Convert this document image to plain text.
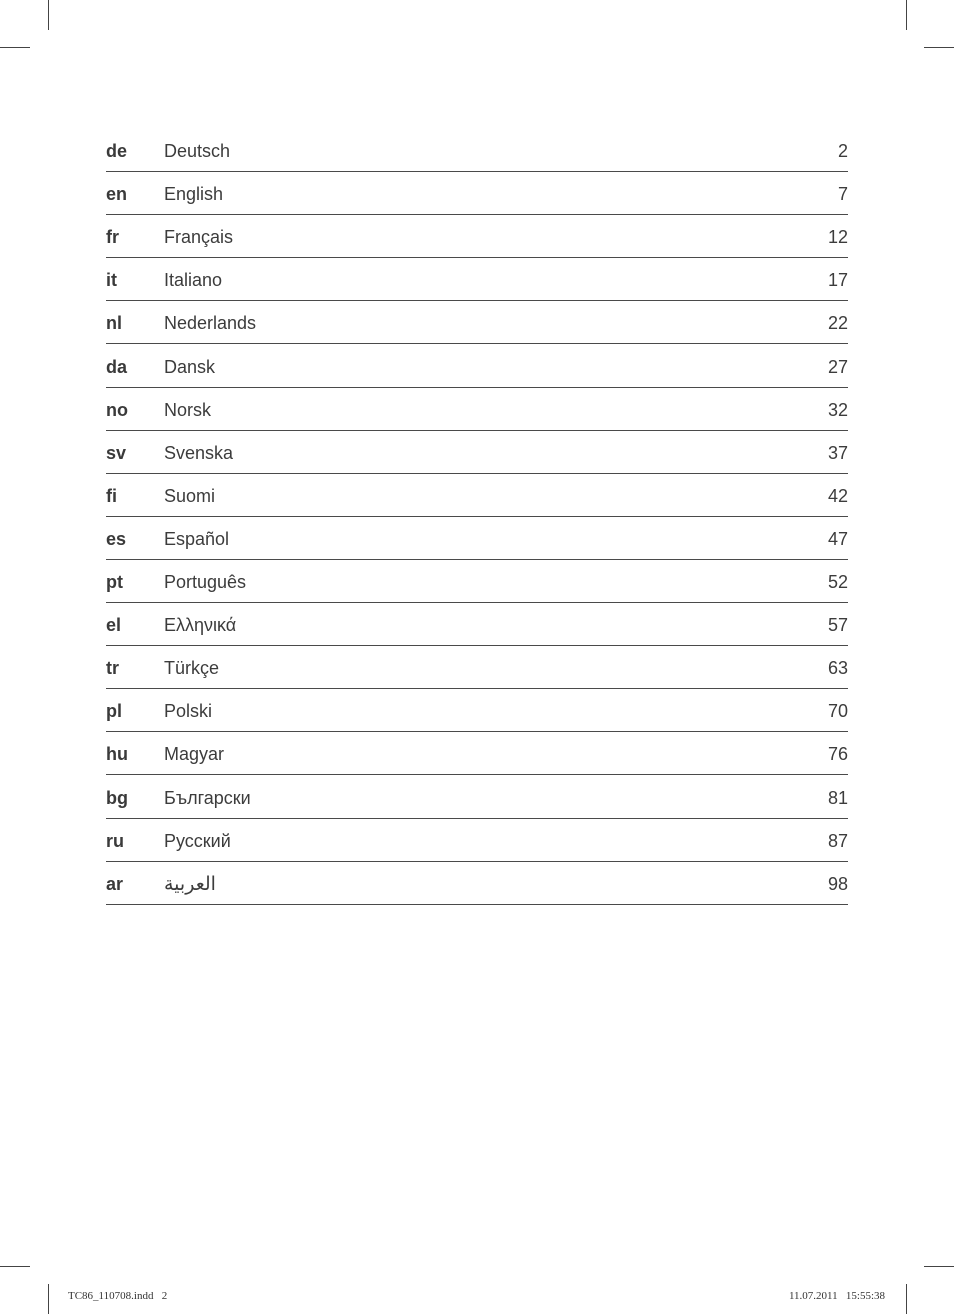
de Deutsch	2
en English	7
fr	Français	12
it	Italiano	17
nl Nederlands	22
da Dansk	27
no Norsk	32
sv Svenska	37
fi	Suomi	42
es Español	47
pt Português	52
el Ελληνικά	57
tr	Türkçe	63
pl Polski	70
hu Magyar	76
bg Български	81
ru Русский	87
ar العربية	98
TC86_110708.indd   2	11.07.2011   15:55:38
